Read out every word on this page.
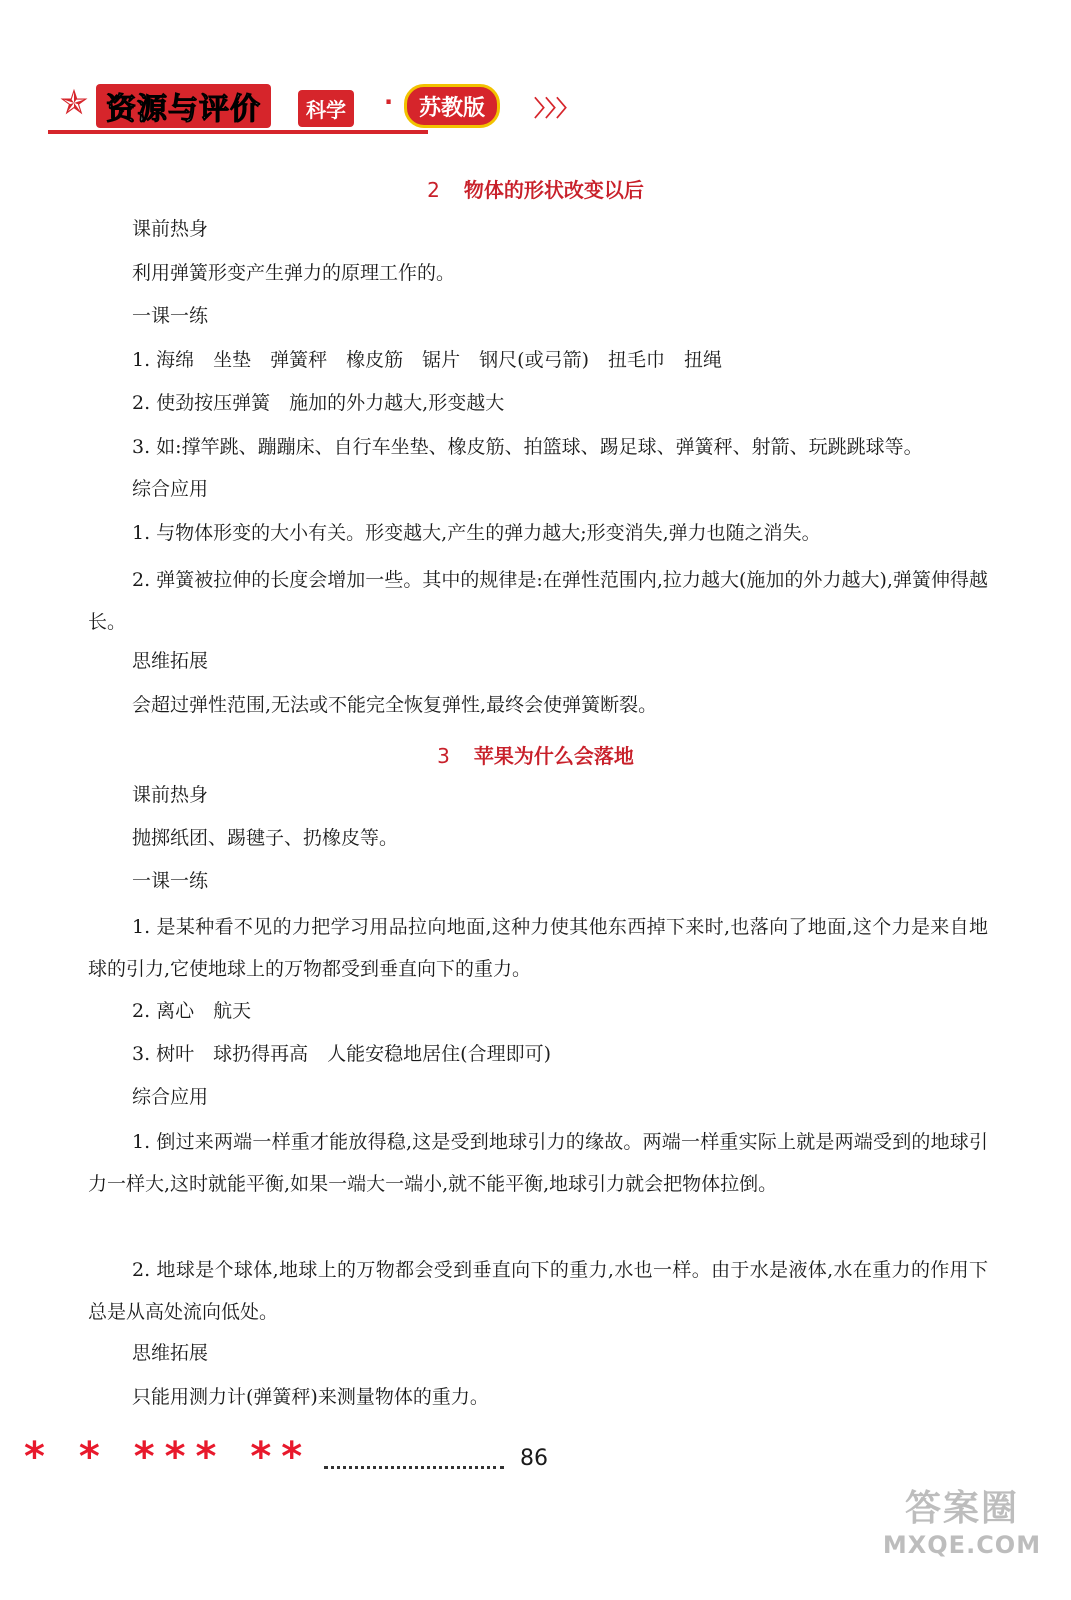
✯ 资源与评价	科学	·	苏教版	〉〉〉
2 物体的形状改变以后
课前热身
利用弹簧形变产生弹力的原理工作的。
一课一练
1. 海绵　坐垫　弹簧秤　橡皮筋　锯片　钢尺(或弓箭)　扭毛巾　扭绳
2. 使劲按压弹簧　施加的外力越大,形变越大
3. 如:撑竿跳、蹦蹦床、自行车坐垫、橡皮筋、拍篮球、踢足球、弹簧秤、射箭、玩跳跳球等。
综合应用
1. 与物体形变的大小有关。形变越大,产生的弹力越大;形变消失,弹力也随之消失。
2. 弹簧被拉伸的长度会增加一些。其中的规律是:在弹性范围内,拉力越大(施加的外力越大),弹簧伸得越长。
思维拓展
会超过弹性范围,无法或不能完全恢复弹性,最终会使弹簧断裂。
3 苹果为什么会落地
课前热身
抛掷纸团、踢毽子、扔橡皮等。
一课一练
1. 是某种看不见的力把学习用品拉向地面,这种力使其他东西掉下来时,也落向了地面,这个力是来自地球的引力,它使地球上的万物都受到垂直向下的重力。
2. 离心　航天
3. 树叶　球扔得再高　人能安稳地居住(合理即可)
综合应用
1. 倒过来两端一样重才能放得稳,这是受到地球引力的缘故。两端一样重实际上就是两端受到的地球引力一样大,这时就能平衡,如果一端大一端小,就不能平衡,地球引力就会把物体拉倒。
2. 地球是个球体,地球上的万物都会受到垂直向下的重力,水也一样。由于水是液体,水在重力的作用下总是从高处流向低处。
思维拓展
只能用测力计(弹簧秤)来测量物体的重力。
* * *** **	86
答案圈
MXQE.COM
